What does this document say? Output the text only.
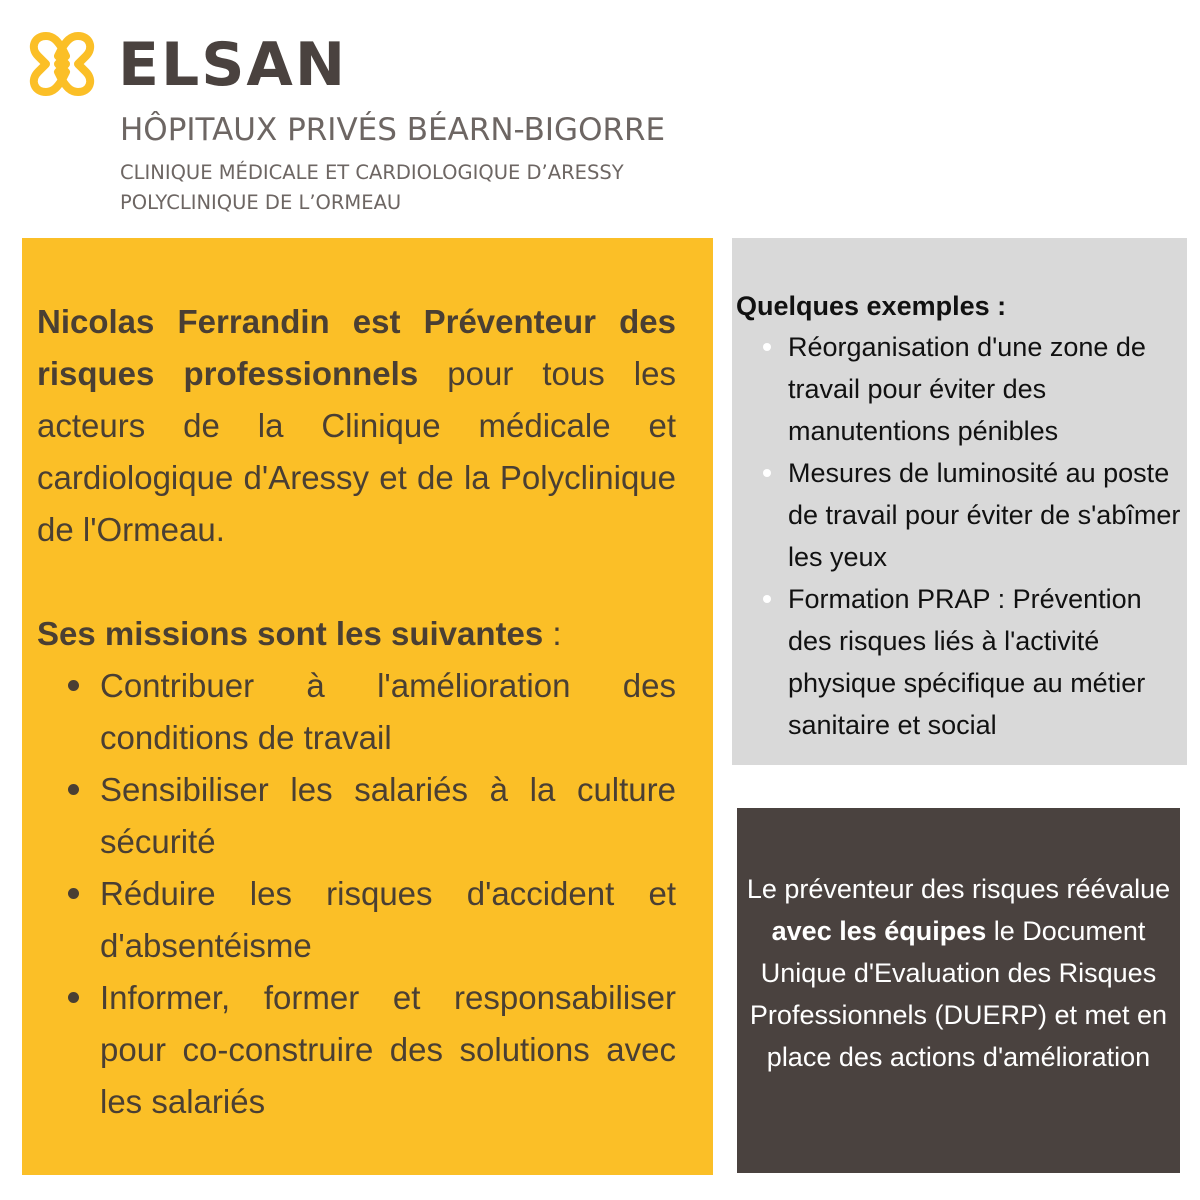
ELSAN
HÔPITAUX PRIVÉS BÉARN-BIGORRE
CLINIQUE MÉDICALE ET CARDIOLOGIQUE D’ARESSY
POLYCLINIQUE DE L’ORMEAU

Nicolas Ferrandin est Préventeur des risques professionnels pour tous les acteurs de la Clinique médicale et cardiologique d'Aressy et de la Polyclinique de l'Ormeau.

Ses missions sont les suivantes :

Contribuer à l'amélioration des conditions de travail
Sensibiliser les salariés à la culture sécurité
Réduire les risques d'accident et d'absentéisme
Informer, former et responsabiliser pour co-construire des solutions avec les salariés

Quelques exemples :

Réorganisation d'une zone de travail pour éviter des manutentions pénibles
Mesures de luminosité au poste de travail pour éviter de s'abîmer les yeux
Formation PRAP : Prévention des risques liés à l'activité physique spécifique au métier sanitaire et social

Le préventeur des risques réévalue avec les équipes le Document Unique d'Evaluation des Risques Professionnels (DUERP) et met en place des actions d'amélioration
